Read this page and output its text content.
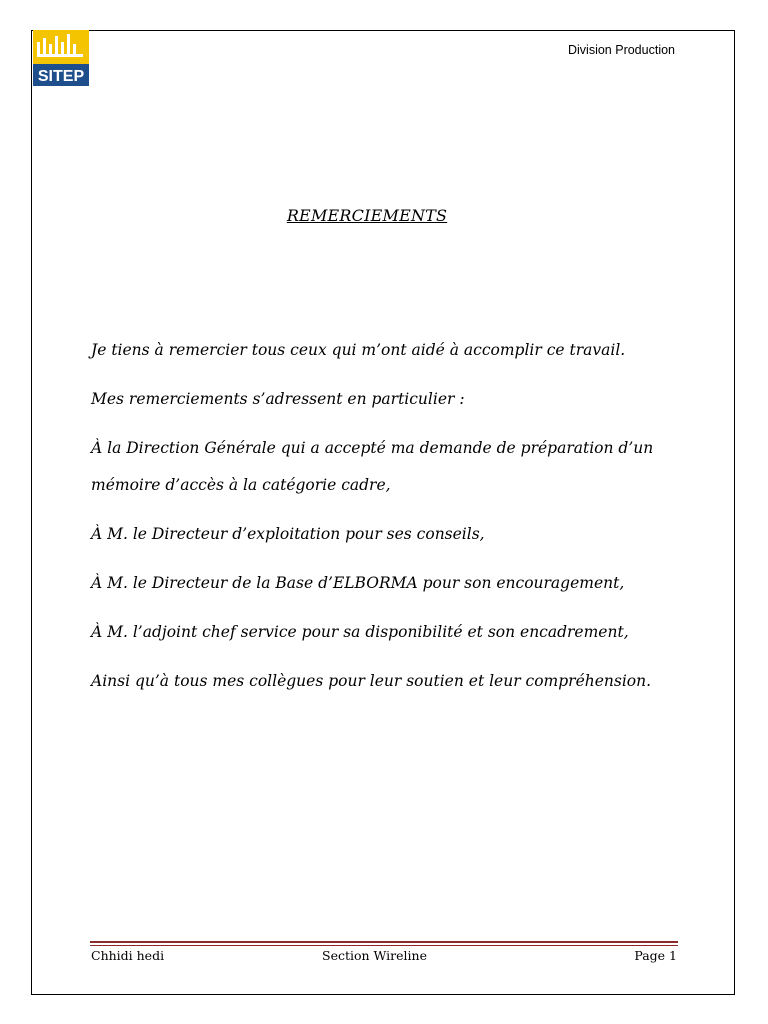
SITEP
Division Production
REMERCIEMENTS

Je tiens à remercier tous ceux qui m’ont aidé à accomplir ce travail.

Mes remerciements s’adressent en particulier :

À la Direction Générale qui a accepté ma demande de préparation d’un mémoire d’accès à la catégorie cadre,

À M. le Directeur d’exploitation pour ses conseils,

À M. le Directeur de la Base d’ELBORMA pour son encouragement,

À M. l’adjoint chef service pour sa disponibilité et son encadrement,

Ainsi qu’à tous mes collègues pour leur soutien et leur compréhension.

Chhidi hedi	Section Wireline	Page 1
